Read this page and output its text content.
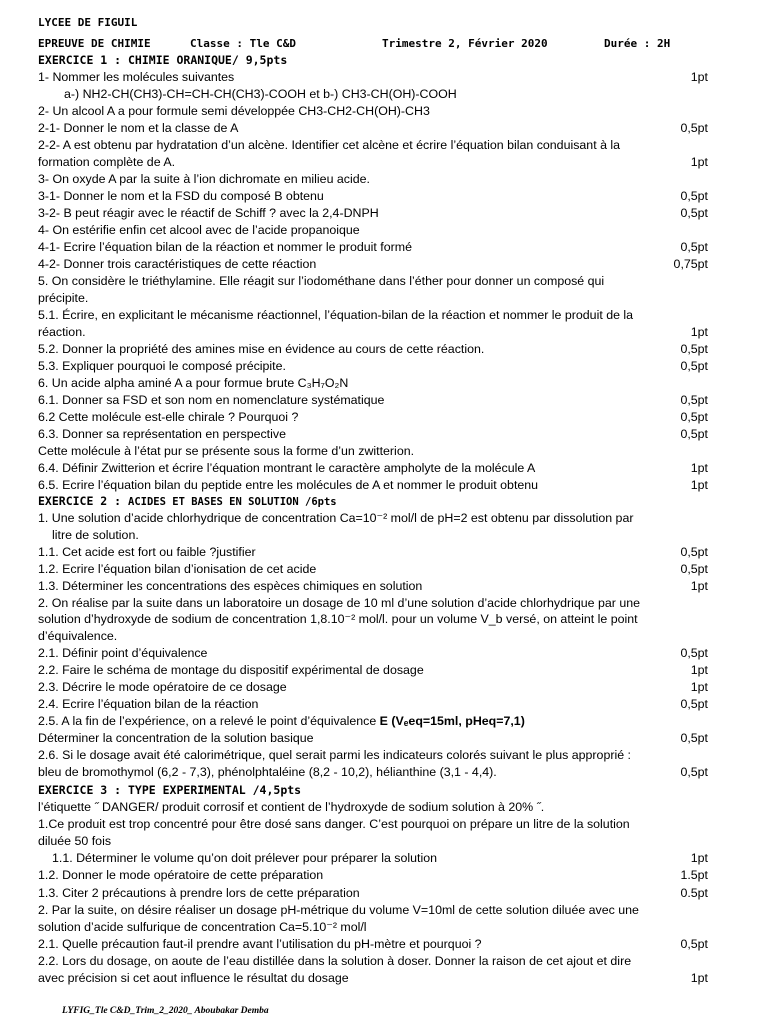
LYCEE DE FIGUIL
EPREUVE DE CHIMIE	Classe : Tle C&D	Trimestre 2, Février 2020	Durée : 2H
EXERCICE 1 : CHIMIE ORANIQUE/ 9,5pts
1- Nommer les molécules suivantes	1pt
a-) NH2-CH(CH3)-CH=CH-CH(CH3)-COOH et b-) CH3-CH(OH)-COOH
2- Un alcool A a pour formule semi développée CH3-CH2-CH(OH)-CH3
2-1- Donner le nom et la classe de A	0,5pt
2-2- A est obtenu par hydratation d’un alcène. Identifier cet alcène et écrire l’équation bilan conduisant à la
formation complète de A.	1pt
3- On oxyde A par la suite à l’ion dichromate en milieu acide.
3-1- Donner le nom et la FSD du composé B obtenu	0,5pt
3-2- B peut réagir avec le réactif de Schiff ? avec la 2,4-DNPH	0,5pt
4- On estérifie enfin cet alcool avec de l’acide propanoique
4-1- Ecrire l’équation bilan de la réaction et nommer le produit formé	0,5pt
4-2- Donner trois caractéristiques de cette réaction	0,75pt
5. On considère le triéthylamine. Elle réagit sur l’iodométhane dans l’éther pour donner un composé qui
précipite.
5.1. Écrire, en explicitant le mécanisme réactionnel, l’équation-bilan de la réaction et nommer le produit de la
réaction.	1pt
5.2. Donner la propriété des amines mise en évidence au cours de cette réaction.	0,5pt
5.3. Expliquer pourquoi le composé précipite.	0,5pt
6. Un acide alpha aminé A a pour formue brute C₃H₇O₂N
6.1. Donner sa FSD et son nom en nomenclature systématique	0,5pt
6.2 Cette molécule est-elle chirale ? Pourquoi ?	0,5pt
6.3. Donner sa représentation en perspective	0,5pt
Cette molécule à l’état pur se présente sous la forme d’un zwitterion.
6.4. Définir Zwitterion et écrire l’équation montrant le caractère ampholyte de la molécule A	1pt
6.5. Ecrire l’équation bilan du peptide entre les molécules de A et nommer le produit obtenu	1pt
EXERCICE 2 : ACIDES ET BASES EN SOLUTION /6pts
1. Une solution d’acide chlorhydrique de concentration Ca=10⁻² mol/l de pH=2 est obtenu par dissolution par
litre de solution.
1.1. Cet acide est fort ou faible ?justifier	0,5pt
1.2. Ecrire l’équation bilan d’ionisation de cet acide	0,5pt
1.3. Déterminer les concentrations des espèces chimiques en solution	1pt
2. On réalise par la suite dans un laboratoire un dosage de 10 ml d’une solution d’acide chlorhydrique par une
solution d’hydroxyde de sodium de concentration 1,8.10⁻² mol/l. pour un volume V_b versé, on atteint le point
d’équivalence.
2.1. Définir point d’équivalence	0,5pt
2.2. Faire le schéma de montage du dispositif expérimental de dosage	1pt
2.3. Décrire le mode opératoire de ce dosage	1pt
2.4. Ecrire l’équation bilan de la réaction	0,5pt
2.5. A la fin de l’expérience, on a relevé le point d’équivalence E (Vₑeq=15ml, pHeq=7,1)
Déterminer la concentration de la solution basique	0,5pt
2.6. Si le dosage avait été calorimétrique, quel serait parmi les indicateurs colorés suivant le plus approprié :
bleu de bromothymol (6,2 - 7,3), phénolphtaléine (8,2 - 10,2), hélianthine (3,1 - 4,4).	0,5pt
EXERCICE 3 : TYPE EXPERIMENTAL /4,5pts
l’étiquette ˝ DANGER/ produit corrosif et contient de l’hydroxyde de sodium solution à 20% ˝.
1.Ce produit est trop concentré pour être dosé sans danger. C’est pourquoi on prépare un litre de la solution
diluée 50 fois
1.1. Déterminer le volume qu’on doit prélever pour préparer la solution	1pt
1.2. Donner le mode opératoire de cette préparation	1.5pt
1.3. Citer 2 précautions à prendre lors de cette préparation	0.5pt
2. Par la suite, on désire réaliser un dosage pH-métrique du volume V=10ml de cette solution diluée avec une
solution d’acide sulfurique de concentration Ca=5.10⁻² mol/l
2.1. Quelle précaution faut-il prendre avant l’utilisation du pH-mètre et pourquoi ?	0,5pt
2.2. Lors du dosage, on aoute de l’eau distillée dans la solution à doser. Donner la raison de cet ajout et dire
avec précision si cet aout influence le résultat du dosage	1pt
LYFIG_Tle C&D_Trim_2_2020_ Aboubakar Demba
